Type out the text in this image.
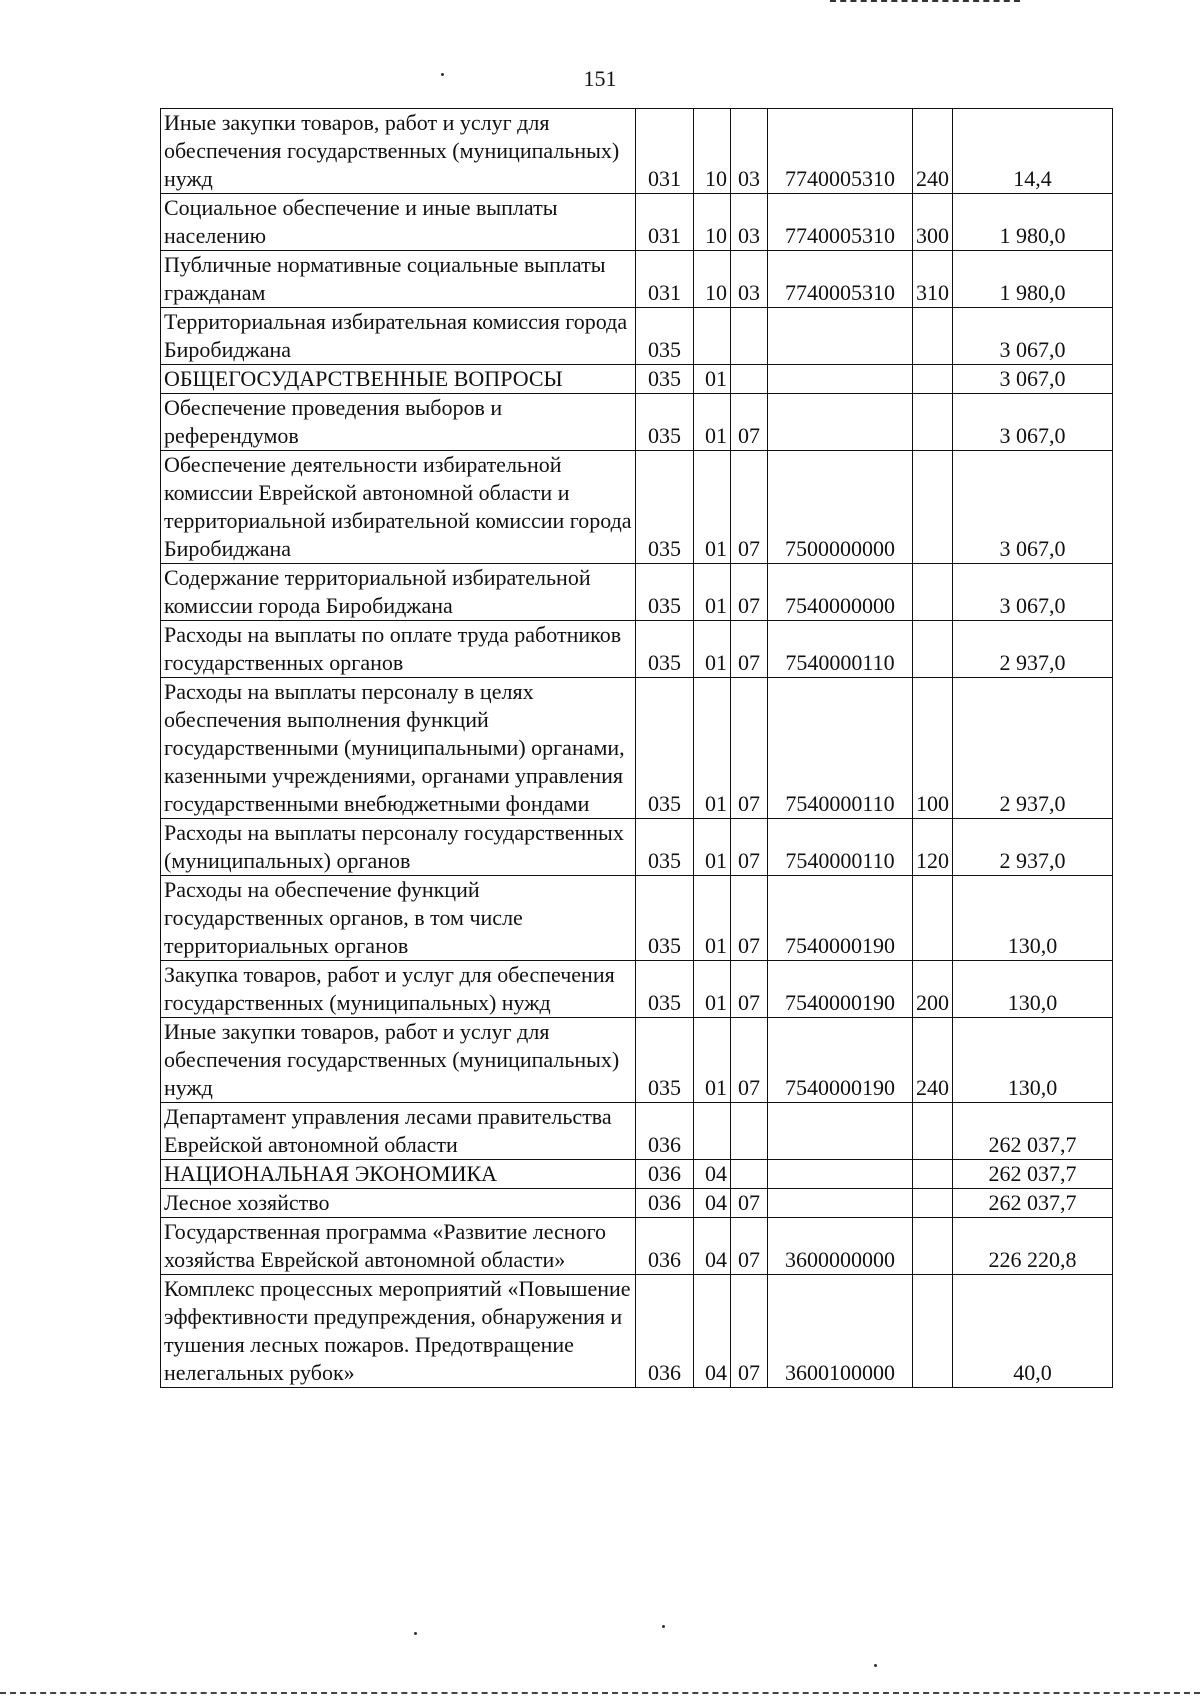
151
Иные закупки товаров, работ и услуг для обеспечения государственных (муниципальных) нужд	031	10	03	7740005310	240	14,4
Социальное обеспечение и иные выплаты населению	031	10	03	7740005310	300	1 980,0
Публичные нормативные социальные выплаты гражданам	031	10	03	7740005310	310	1 980,0
Территориальная избирательная комиссия города Биробиджана	035					3 067,0
ОБЩЕГОСУДАРСТВЕННЫЕ ВОПРОСЫ	035	01				3 067,0
Обеспечение проведения выборов и референдумов	035	01	07			3 067,0
Обеспечение деятельности избирательной комиссии Еврейской автономной области и территориальной избирательной комиссии города Биробиджана	035	01	07	7500000000		3 067,0
Содержание территориальной избирательной комиссии города Биробиджана	035	01	07	7540000000		3 067,0
Расходы на выплаты по оплате труда работников государственных органов	035	01	07	7540000110		2 937,0
Расходы на выплаты персоналу в целях обеспечения выполнения функций государственными (муниципальными) органами, казенными учреждениями, органами управления государственными внебюджетными фондами	035	01	07	7540000110	100	2 937,0
Расходы на выплаты персоналу государственных (муниципальных) органов	035	01	07	7540000110	120	2 937,0
Расходы на обеспечение функций государственных органов, в том числе территориальных органов	035	01	07	7540000190		130,0
Закупка товаров, работ и услуг для обеспечения государственных (муниципальных) нужд	035	01	07	7540000190	200	130,0
Иные закупки товаров, работ и услуг для обеспечения государственных (муниципальных) нужд	035	01	07	7540000190	240	130,0
Департамент управления лесами правительства Еврейской автономной области	036					262 037,7
НАЦИОНАЛЬНАЯ ЭКОНОМИКА	036	04				262 037,7
Лесное хозяйство	036	04	07			262 037,7
Государственная программа «Развитие лесного хозяйства Еврейской автономной области»	036	04	07	3600000000		226 220,8
Комплекс процессных мероприятий «Повышение эффективности предупреждения, обнаружения и тушения лесных пожаров. Предотвращение нелегальных рубок»	036	04	07	3600100000		40,0
